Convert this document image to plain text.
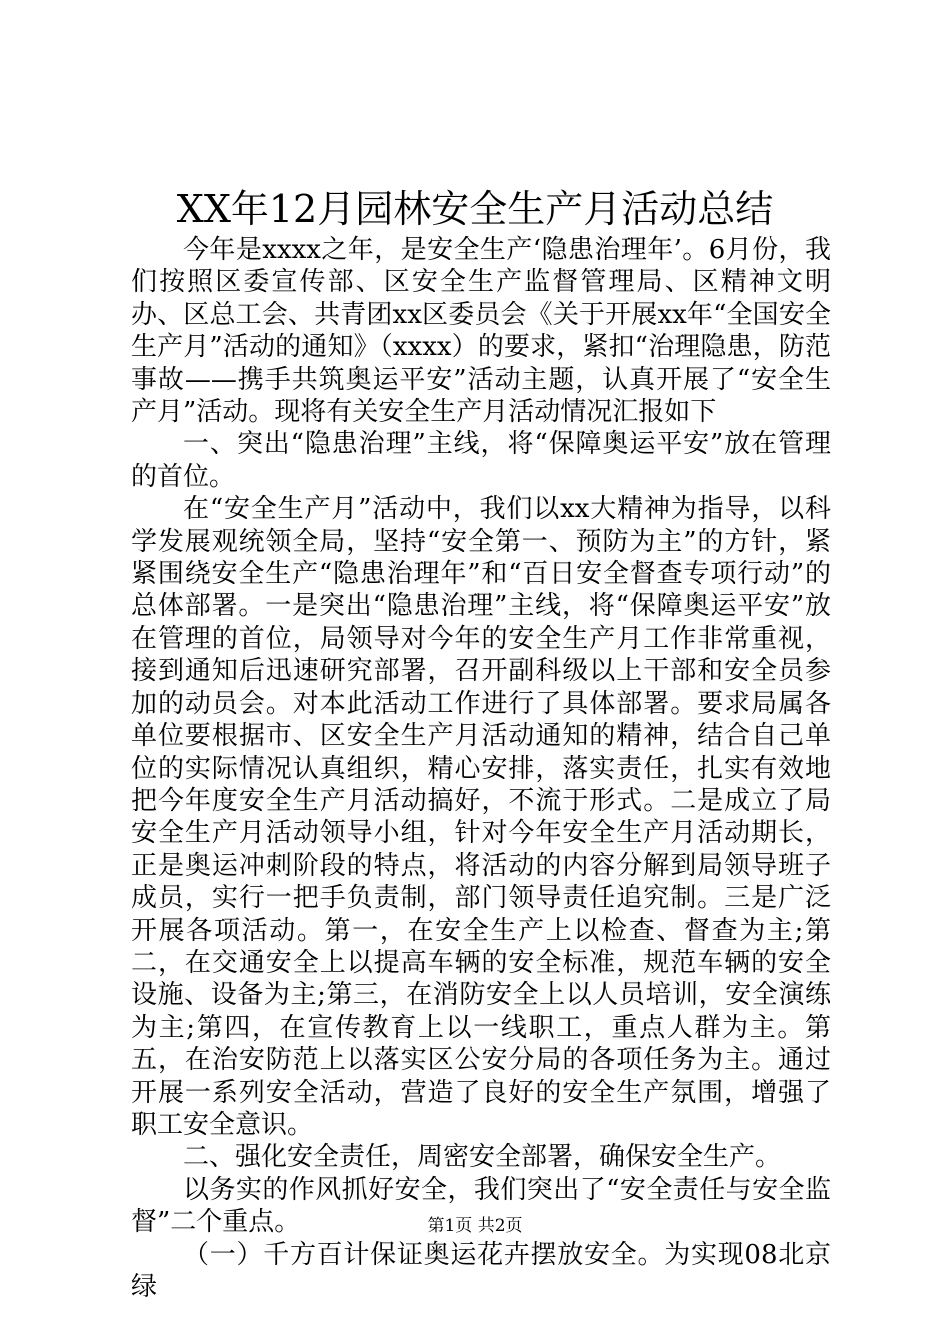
XX年12月园林安全生产月活动总结

今年是xxxx之年，是安全生产‘隐患治理年’。6月份，我们按照区委宣传部、区安全生产监督管理局、区精神文明办、区总工会、共青团xx区委员会《关于开展xx年“全国安全生产月”活动的通知》（xxxx）的要求，紧扣“治理隐患，防范事故——携手共筑奥运平安”活动主题，认真开展了“安全生产月”活动。现将有关安全生产月活动情况汇报如下

一、突出“隐患治理”主线，将“保障奥运平安”放在管理的首位。

在“安全生产月”活动中，我们以xx大精神为指导，以科学发展观统领全局，坚持“安全第一、预防为主”的方针，紧紧围绕安全生产“隐患治理年”和“百日安全督查专项行动”的总体部署。一是突出“隐患治理”主线，将“保障奥运平安”放在管理的首位，局领导对今年的安全生产月工作非常重视，接到通知后迅速研究部署，召开副科级以上干部和安全员参加的动员会。对本此活动工作进行了具体部署。要求局属各单位要根据市、区安全生产月活动通知的精神，结合自己单位的实际情况认真组织，精心安排，落实责任，扎实有效地把今年度安全生产月活动搞好，不流于形式。二是成立了局安全生产月活动领导小组，针对今年安全生产月活动期长，正是奥运冲刺阶段的特点，将活动的内容分解到局领导班子成员，实行一把手负责制，部门领导责任追究制。三是广泛开展各项活动。第一，在安全生产上以检查、督查为主;第二，在交通安全上以提高车辆的安全标准，规范车辆的安全设施、设备为主;第三，在消防安全上以人员培训，安全演练为主;第四，在宣传教育上以一线职工，重点人群为主。第五，在治安防范上以落实区公安分局的各项任务为主。通过开展一系列安全活动，营造了良好的安全生产氛围，增强了职工安全意识。

二、强化安全责任，周密安全部署，确保安全生产。

以务实的作风抓好安全，我们突出了“安全责任与安全监督”二个重点。

（一）千方百计保证奥运花卉摆放安全。为实现08北京绿

第1页 共2页
